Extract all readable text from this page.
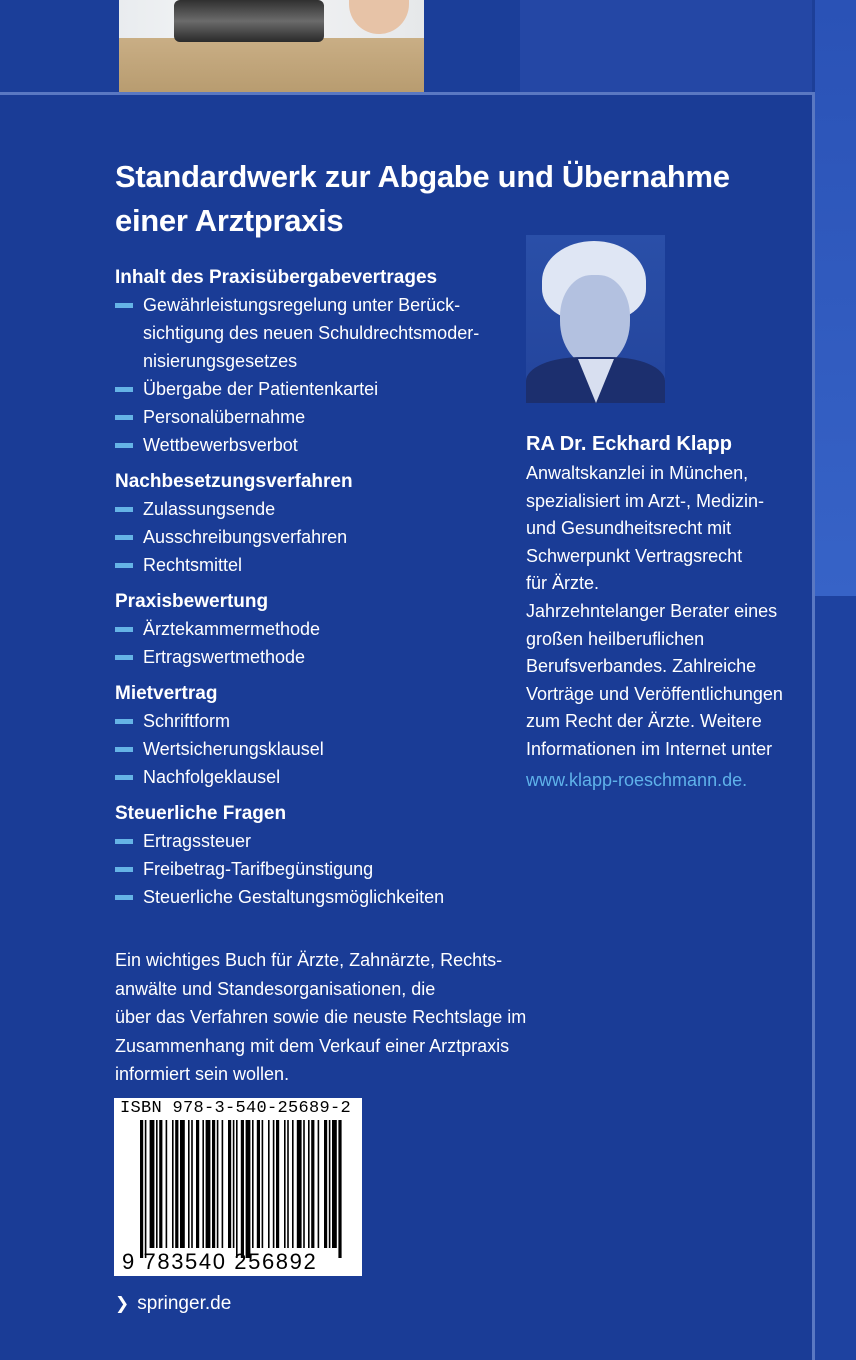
Standardwerk zur Abgabe und Übernahme
einer Arztpraxis
Inhalt des Praxisübergabevertrages
Gewährleistungsregelung unter Berück-
sichtigung des neuen Schuldrechtsmoder-
nisierungsgesetzes
Übergabe der Patientenkartei
Personalübernahme
Wettbewerbsverbot
Nachbesetzungsverfahren
Zulassungsende
Ausschreibungsverfahren
Rechtsmittel
Praxisbewertung
Ärztekammermethode
Ertragswertmethode
Mietvertrag
Schriftform
Wertsicherungsklausel
Nachfolgeklausel
Steuerliche Fragen
Ertragssteuer
Freibetrag-Tarifbegünstigung
Steuerliche Gestaltungsmöglichkeiten
Ein wichtiges Buch für Ärzte, Zahnärzte, Rechts-
anwälte und Standesorganisationen, die
über das Verfahren sowie die neuste Rechtslage im
Zusammenhang mit dem Verkauf einer Arztpraxis
informiert sein wollen.
ISBN 978-3-540-25689-2
9 783540 256892
❯ springer.de
RA Dr. Eckhard Klapp
Anwaltskanzlei in München,
spezialisiert im Arzt-, Medizin-
und Gesundheitsrecht mit
Schwerpunkt Vertragsrecht
für Ärzte.
Jahrzehntelanger Berater eines
großen heilberuflichen
Berufsverbandes. Zahlreiche
Vorträge und Veröffentlichungen
zum Recht der Ärzte. Weitere
Informationen im Internet unter
www.klapp-roeschmann.de.
